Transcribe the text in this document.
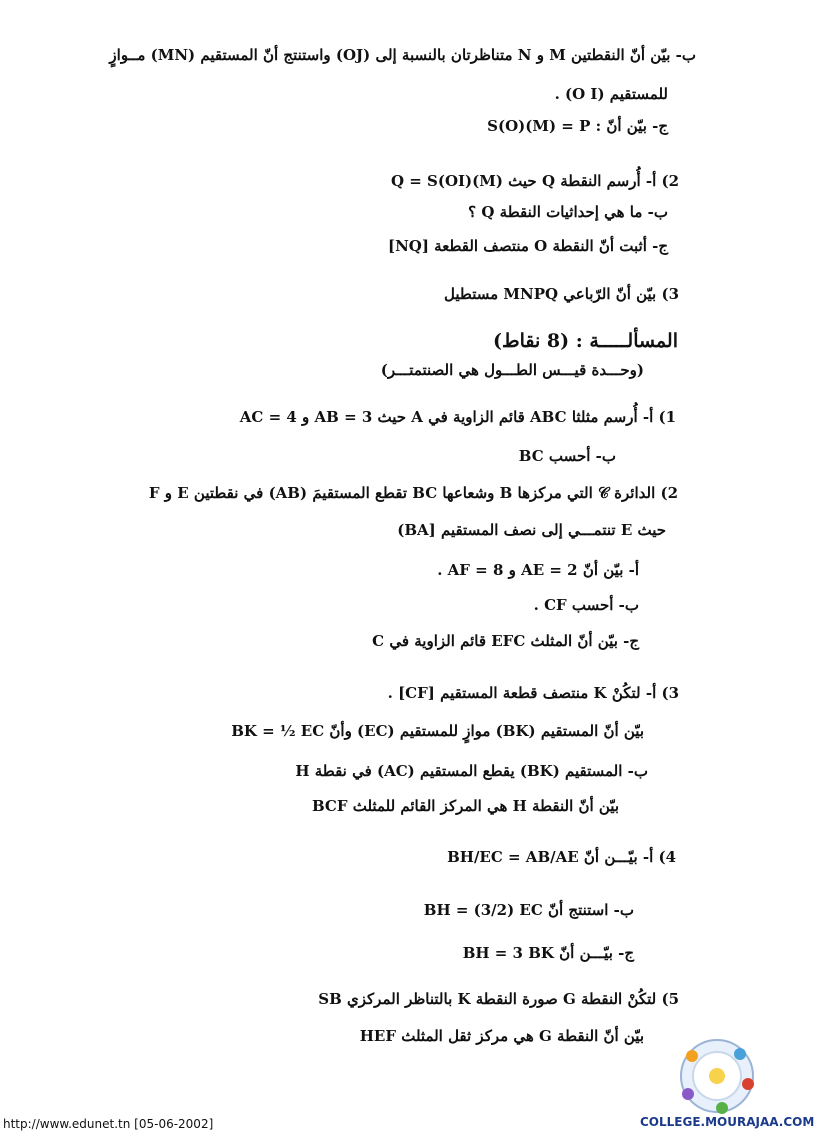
ب- بيّن أنّ النقطتين M و N متناظرتان بالنسبة إلى (OJ) واستنتج أنّ المستقيم (MN) مــوازٍ
للمستقيم (O I) .
ج- بيّن أنّ : S(O)(M) = P
2) أ- أُرسم النقطة Q حيث Q = S(OI)(M)
ب- ما هي إحداثيات النقطة Q ؟
ج- أثبت أنّ النقطة O منتصف القطعة [NQ]
3) بيّن أنّ الرّباعي MNPQ مستطيل
المسألـــــة : (8 نقاط)
(وحـــدة قيـــس الطـــول هي الصنتمتـــر)
1) أ- أُرسم مثلثا ABC قائم الزاوية في A حيث AB = 3 و AC = 4
ب- أحسب BC
2) الدائرة 𝒞 التي مركزها B وشعاعها BC تقطع المستقيمَ (AB) في نقطتين E و F
حيث E تنتمـــي إلى نصف المستقيم [BA)
أ- بيّن أنّ AE = 2 و AF = 8 .
ب- أحسب CF .
ج- بيّن أنّ المثلث EFC قائم الزاوية في C
3) أ- لتكُنْ K منتصف قطعة المستقيم [CF] .
بيّن أنّ المستقيم (BK) موازٍ للمستقيم (EC) وأنّ BK = ½ EC
ب- المستقيم (BK) يقطع المستقيم (AC) في نقطة H
بيّن أنّ النقطة H هي المركز القائم للمثلث BCF
4) أ- بيّـــن أنّ BH/EC = AB/AE
ب- استنتج أنّ BH = (3/2) EC
ج- بيّـــن أنّ BH = 3 BK
5) لتكُنْ النقطة G صورة النقطة K بالتناظر المركزي SB
بيّن أنّ النقطة G هي مركز ثقل المثلث HEF
COLLEGE.MOURAJAA.COM
http://www.edunet.tn [05-06-2002]
